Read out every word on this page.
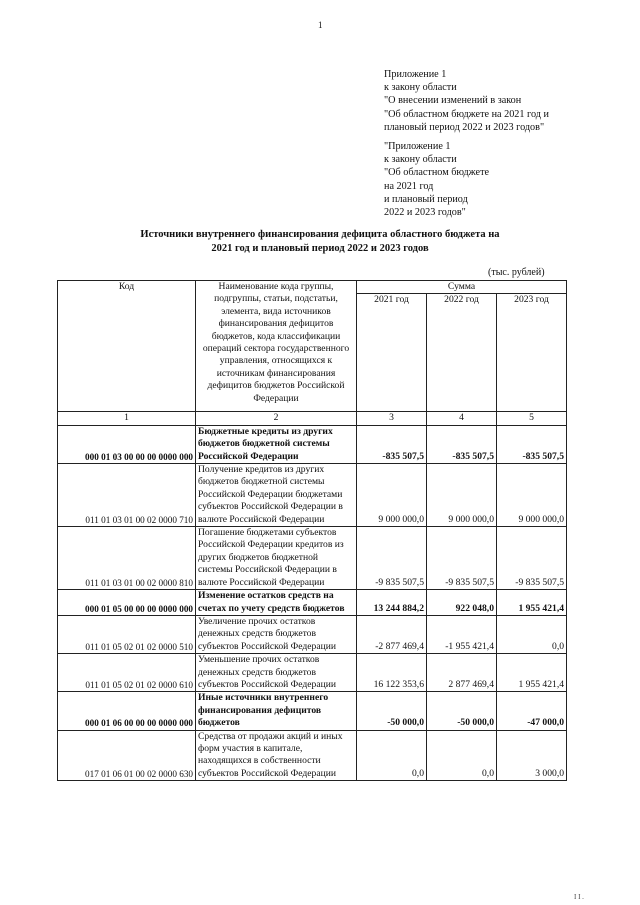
1
Приложение 1
к закону области
"О внесении изменений в закон
"Об областном бюджете на 2021 год и
плановый период 2022 и 2023 годов"
"Приложение 1
к закону области
"Об областном бюджете
на 2021 год
и плановый период
2022 и 2023 годов"
Источники внутреннего финансирования дефицита областного бюджета на
2021 год и плановый период 2022 и 2023 годов
(тыс. рублей)
Код	Наименование кода группы, подгруппы, статьи, подстатьи, элемента, вида источников финансирования дефицитов бюджетов, кода классификации операций сектора государственного управления, относящихся к источникам финансирования дефицитов бюджетов Российской Федерации	Сумма		
		2021 год	2022 год	2023 год
1	2	3	4	5
000 01 03 00 00 00 0000 000	Бюджетные кредиты из других бюджетов бюджетной системы Российской Федерации	-835 507,5	-835 507,5	-835 507,5
011 01 03 01 00 02 0000 710	Получение кредитов из других бюджетов бюджетной системы Российской Федерации бюджетами субъектов Российской Федерации в валюте Российской Федерации	9 000 000,0	9 000 000,0	9 000 000,0
011 01 03 01 00 02 0000 810	Погашение бюджетами субъектов Российской Федерации кредитов из других бюджетов бюджетной системы Российской Федерации в валюте Российской Федерации	-9 835 507,5	-9 835 507,5	-9 835 507,5
000 01 05 00 00 00 0000 000	Изменение остатков средств на счетах по учету средств бюджетов	13 244 884,2	922 048,0	1 955 421,4
011 01 05 02 01 02 0000 510	Увеличение прочих остатков денежных средств бюджетов субъектов Российской Федерации	-2 877 469,4	-1 955 421,4	0,0
011 01 05 02 01 02 0000 610	Уменьшение прочих остатков денежных средств бюджетов субъектов Российской Федерации	16 122 353,6	2 877 469,4	1 955 421,4
000 01 06 00 00 00 0000 000	Иные источники внутреннего финансирования дефицитов бюджетов	-50 000,0	-50 000,0	-47 000,0
017 01 06 01 00 02 0000 630	Средства от продажи акций и иных форм участия в капитале, находящихся в собственности субъектов Российской Федерации	0,0	0,0	3 000,0
I I .
